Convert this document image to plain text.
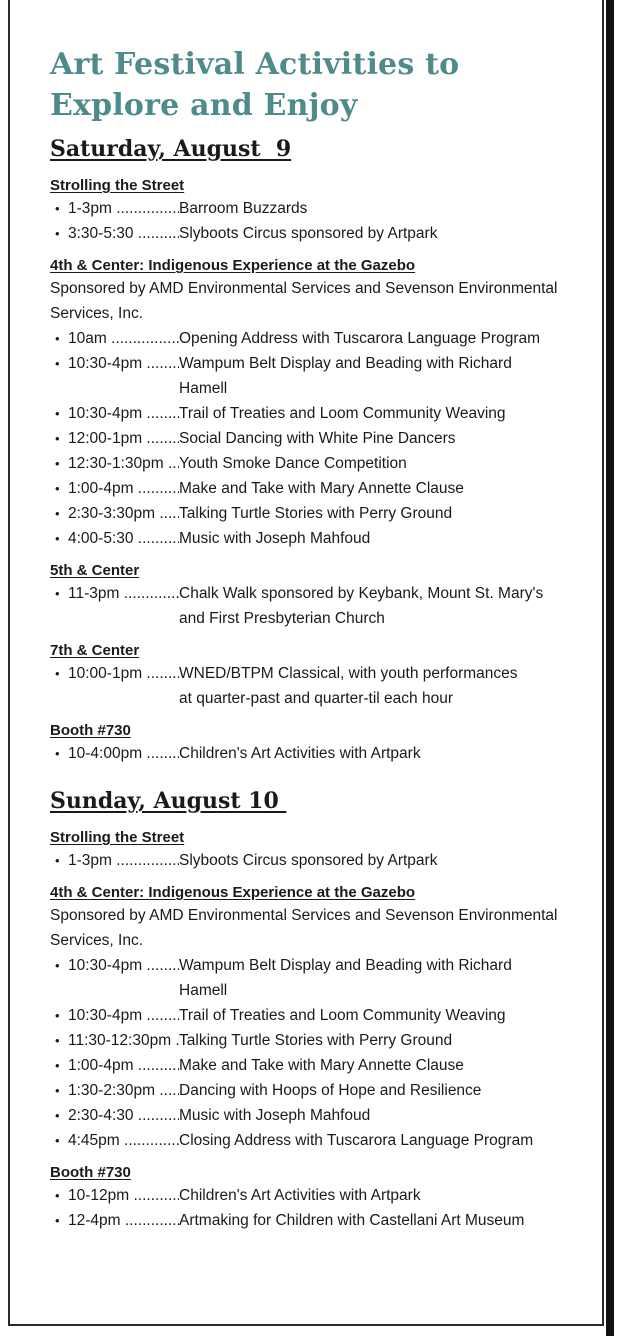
Art Festival Activities to
Explore and Enjoy
Saturday, August  9
Strolling the Street
• 1-3pm .....	Barroom Buzzards
• 3:30-5:30 .....	Slyboots Circus sponsored by Artpark
4th & Center: Indigenous Experience at the Gazebo
Sponsored by AMD Environmental Services and Sevenson Environmental Services, Inc.
• 10am .....	Opening Address with Tuscarora Language Program
• 10:30-4pm .....	Wampum Belt Display and Beading with Richard
Hamell
• 10:30-4pm .....	Trail of Treaties and Loom Community Weaving
• 12:00-1pm .....	Social Dancing with White Pine Dancers
• 12:30-1:30pm ..... Youth Smoke Dance Competition
• 1:00-4pm .....	Make and Take with Mary Annette Clause
• 2:30-3:30pm .....	Talking Turtle Stories with Perry Ground
• 4:00-5:30 .....	Music with Joseph Mahfoud
5th & Center
• 11-3pm .....	Chalk Walk sponsored by Keybank, Mount St. Mary's
and First Presbyterian Church
7th & Center
• 10:00-1pm .....	WNED/BTPM Classical, with youth performances
at quarter-past and quarter-til each hour
Booth #730
• 10-4:00pm .....	Children's Art Activities with Artpark
Sunday, August 10
Strolling the Street
• 1-3pm .....	Slyboots Circus sponsored by Artpark
4th & Center: Indigenous Experience at the Gazebo
Sponsored by AMD Environmental Services and Sevenson Environmental Services, Inc.
• 10:30-4pm .....	Wampum Belt Display and Beading with Richard
Hamell
• 10:30-4pm .....	Trail of Treaties and Loom Community Weaving
• 11:30-12:30pm ..... Talking Turtle Stories with Perry Ground
• 1:00-4pm .....	Make and Take with Mary Annette Clause
• 1:30-2:30pm .....	Dancing with Hoops of Hope and Resilience
• 2:30-4:30 .....	Music with Joseph Mahfoud
• 4:45pm .....	Closing Address with Tuscarora Language Program
Booth #730
• 10-12pm .....	Children's Art Activities with Artpark
• 12-4pm .....	Artmaking for Children with Castellani Art Museum
